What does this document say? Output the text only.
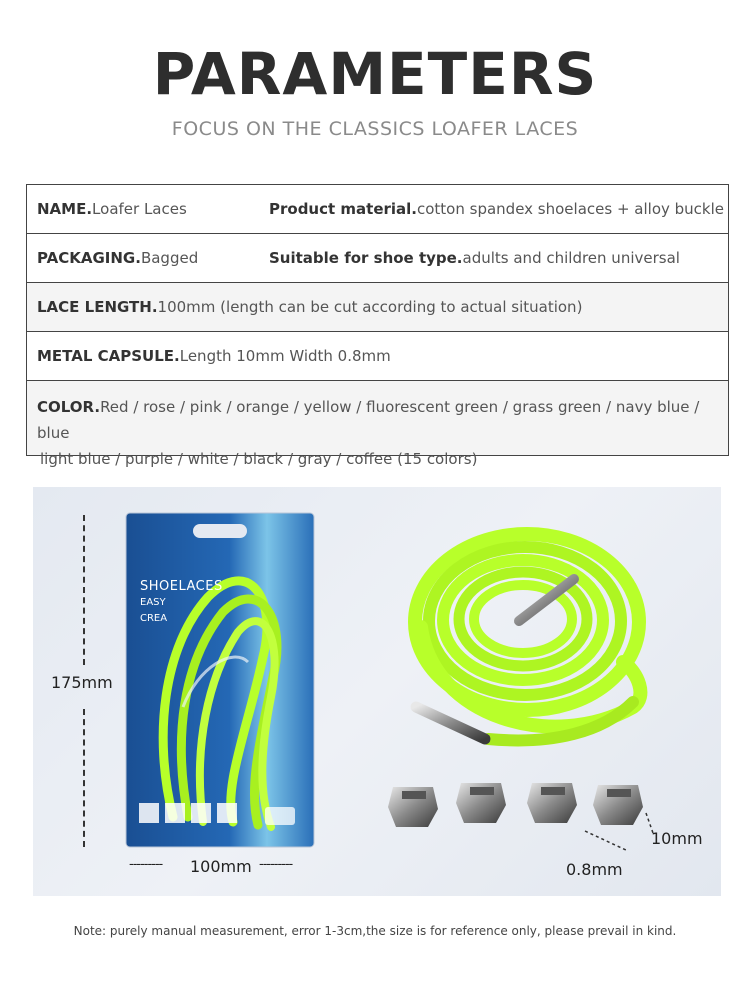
PARAMETERS
FOCUS ON THE CLASSICS LOAFER LACES
NAME.Loafer Laces	Product material.cotton spandex shoelaces + alloy buckle
PACKAGING.Bagged	Suitable for shoe type.adults and children universal
LACE LENGTH.100mm (length can be cut according to actual situation)
METAL CAPSULE.Length 10mm Width 0.8mm
COLOR.Red / rose / pink / orange / yellow / fluorescent green / grass green / navy blue / blue
light blue / purple / white / black / gray / coffee (15 colors)
SHOELACES
EASY
CREA
175mm
--------- 100mm ---------
10mm
0.8mm
Note: purely manual measurement, error 1-3cm,the size is for reference only, please prevail in kind.
